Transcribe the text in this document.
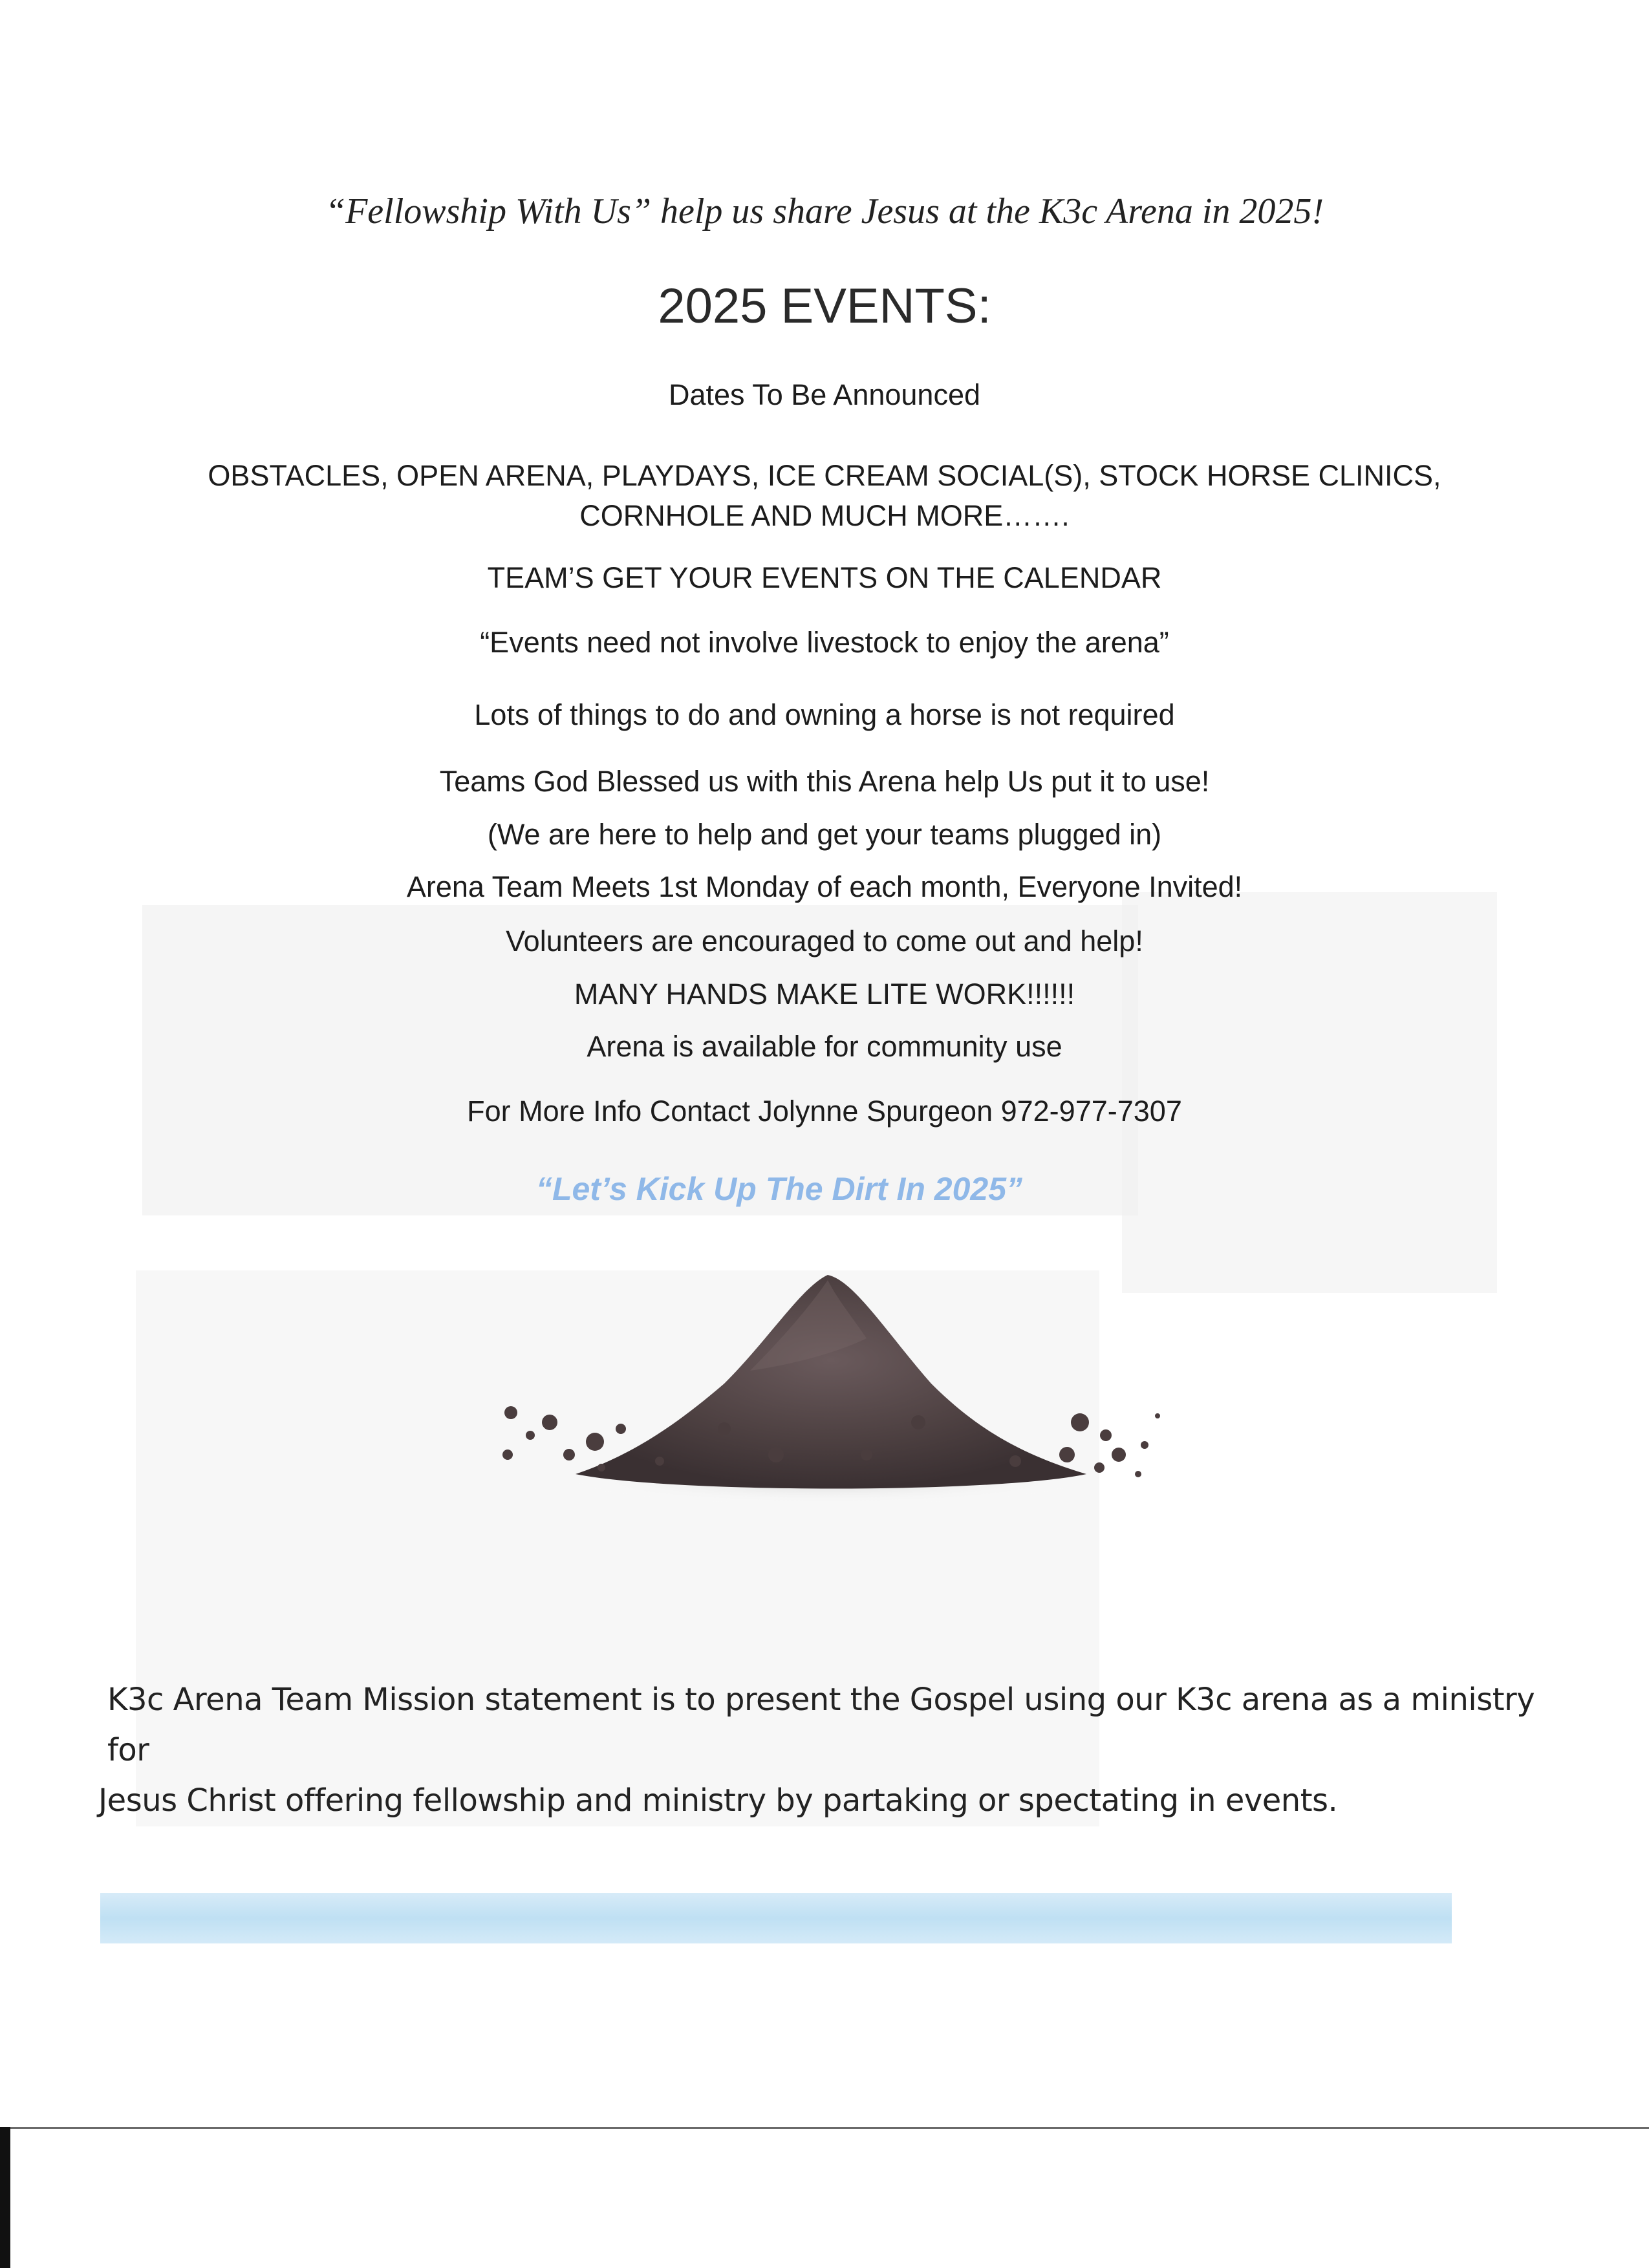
“Fellowship With Us” help us share Jesus at the K3c Arena in 2025!
2025 EVENTS:
Dates To Be Announced
OBSTACLES, OPEN ARENA, PLAYDAYS, ICE CREAM SOCIAL(S), STOCK HORSE CLINICS,
CORNHOLE AND MUCH MORE…….
TEAM’S GET YOUR EVENTS ON THE CALENDAR
“Events need not involve livestock to enjoy the arena”
Lots of things to do and owning a horse is not required
Teams God Blessed us with this Arena help Us put it to use!
(We are here to help and get your teams plugged in)
Arena Team Meets 1st Monday of each month, Everyone Invited!
Volunteers are encouraged to come out and help!
MANY HANDS MAKE LITE WORK!!!!!!
Arena is available for community use
For More Info Contact Jolynne Spurgeon 972-977-7307
“Let’s Kick Up The Dirt In 2025”
K3c Arena Team Mission statement is to present the Gospel using our K3c arena as a ministry for
Jesus Christ offering fellowship and ministry by partaking or spectating in events.
